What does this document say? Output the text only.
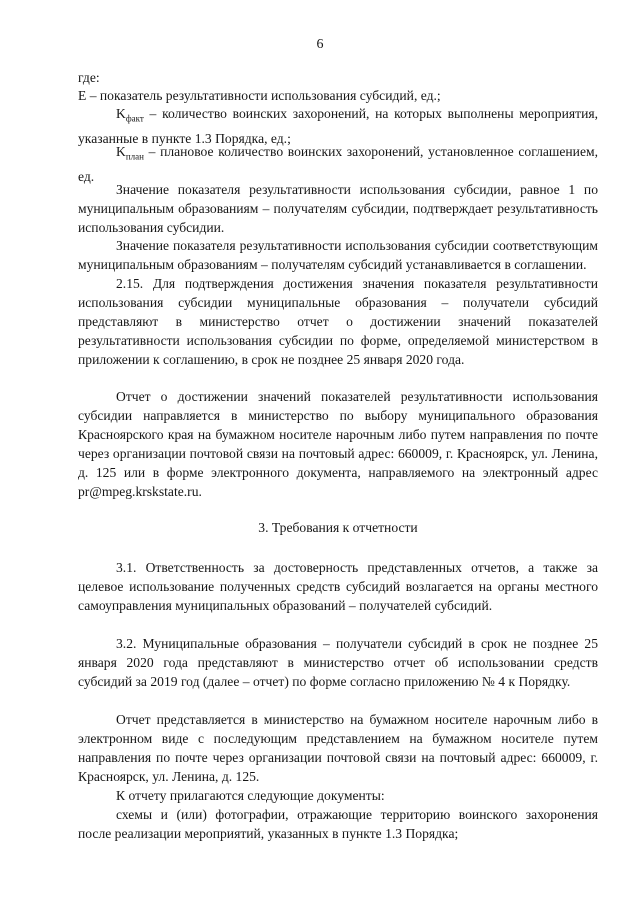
6
где:
E – показатель результативности использования субсидий, ед.;
$K_{факт}$ – количество воинских захоронений, на которых выполнены мероприятия, указанные в пункте 1.3 Порядка, ед.;
$K_{план}$ – плановое количество воинских захоронений, установленное соглашением, ед.
Значение показателя результативности использования субсидии, равное 1 по муниципальным образованиям – получателям субсидии, подтверждает результативность использования субсидии.
Значение показателя результативности использования субсидии соответствующим муниципальным образованиям – получателям субсидий устанавливается в соглашении.
2.15. Для подтверждения достижения значения показателя результативности использования субсидии муниципальные образования – получатели субсидий представляют в министерство отчет о достижении значений показателей результативности использования субсидии по форме, определяемой министерством в приложении к соглашению, в срок не позднее 25 января 2020 года.
Отчет о достижении значений показателей результативности использования субсидии направляется в министерство по выбору муниципального образования Красноярского края на бумажном носителе нарочным либо путем направления по почте через организации почтовой связи на почтовый адрес: 660009, г. Красноярск, ул. Ленина, д. 125 или в форме электронного документа, направляемого на электронный адрес pr@mpeg.krskstate.ru.
3. Требования к отчетности
3.1. Ответственность за достоверность представленных отчетов, а также за целевое использование полученных средств субсидий возлагается на органы местного самоуправления муниципальных образований – получателей субсидий.
3.2. Муниципальные образования – получатели субсидий в срок не позднее 25 января 2020 года представляют в министерство отчет об использовании средств субсидий за 2019 год (далее – отчет) по форме согласно приложению № 4 к Порядку.
Отчет представляется в министерство на бумажном носителе нарочным либо в электронном виде с последующим представлением на бумажном носителе путем направления по почте через организации почтовой связи на почтовый адрес: 660009, г. Красноярск, ул. Ленина, д. 125.
К отчету прилагаются следующие документы:
схемы и (или) фотографии, отражающие территорию воинского захоронения после реализации мероприятий, указанных в пункте 1.3 Порядка;
